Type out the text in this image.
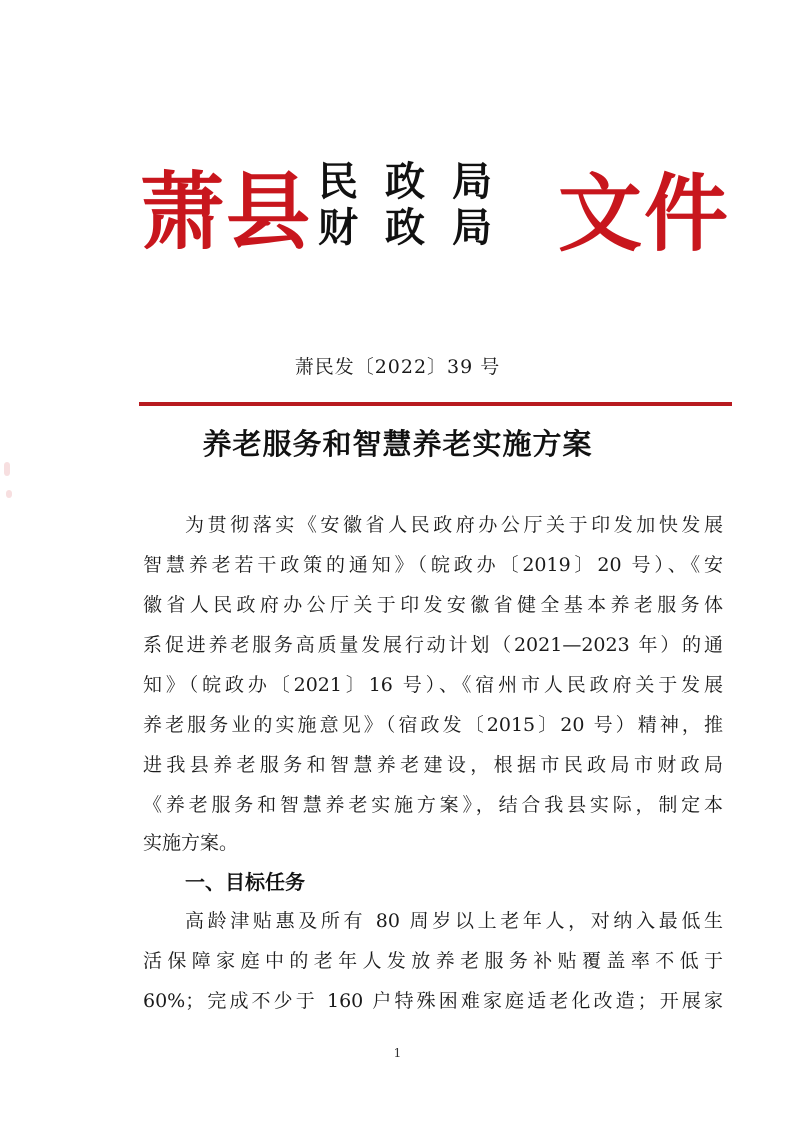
萧县 民政局
财政局 文件
萧民发〔2022〕39 号
养老服务和智慧养老实施方案
为贯彻落实《安徽省人民政府办公厅关于印发加快发展
智慧养老若干政策的通知》（皖政办〔2019〕20 号）、《安
徽省人民政府办公厅关于印发安徽省健全基本养老服务体
系促进养老服务高质量发展行动计划（2021—2023 年）的通
知》（皖政办〔2021〕16 号）、《宿州市人民政府关于发展
养老服务业的实施意见》（宿政发〔2015〕20 号）精神，推
进我县养老服务和智慧养老建设，根据市民政局市财政局
《养老服务和智慧养老实施方案》，结合我县实际，制定本
实施方案。
一、目标任务
高龄津贴惠及所有 80 周岁以上老年人，对纳入最低生
活保障家庭中的老年人发放养老服务补贴覆盖率不低于
60%；完成不少于 160 户特殊困难家庭适老化改造；开展家
1
